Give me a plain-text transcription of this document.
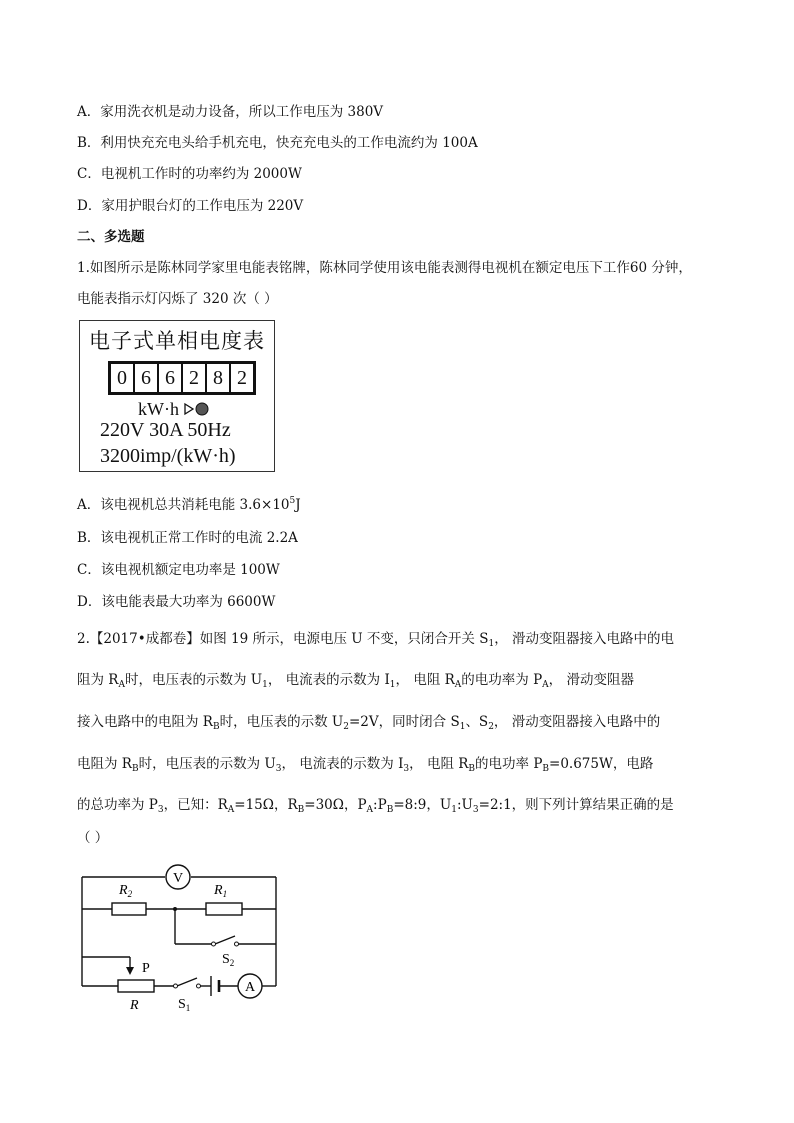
A．家用洗衣机是动力设备，所以工作电压为 380V
B．利用快充充电头给手机充电，快充充电头的工作电流约为 100A
C．电视机工作时的功率约为 2000W
D．家用护眼台灯的工作电压为 220V
二、多选题
1.如图所示是陈林同学家里电能表铭牌，陈林同学使用该电能表测得电视机在额定电压下工作60 分钟，
电能表指示灯闪烁了 320 次（ ）
电子式单相电度表
0 6 6 2 8 2
kW·h
220V 30A 50Hz
3200imp/(kW·h)
A．该电视机总共消耗电能 $3.6\times 10^5J$
B．该电视机正常工作时的电流 2.2A
C．该电视机额定电功率是 100W
D．该电能表最大功率为 6600W
2.【2017•成都卷】如图 19 所示，电源电压 U 不变，只闭合开关 $S_1$， 滑动变阻器接入电路中的电
阻为 $R_A$时，电压表的示数为 $U_1$， 电流表的示数为 $I_1$， 电阻 $R_A$的电功率为 $P_A$， 滑动变阻器
接入电路中的电阻为 $R_B$时，电压表的示数 $U_2=2V$，同时闭合 $S_1$、$S_2$， 滑动变阻器接入电路中的
电阻为 $R_B$时，电压表的示数为 $U_3$， 电流表的示数为 $I_3$， 电阻 $R_B$的电功率 $P_B=0.675W$，电路
的总功率为 $P_3$，已知：$R_A=15\Omega$，$R_B=30\Omega$，$P_A:P_B=8:9$，$U_1:U_3=2:1$，则下列计算结果正确的是
（ ）
V
$R_2$	$R_1$
$S_2$
P
R	$S_1$
A
